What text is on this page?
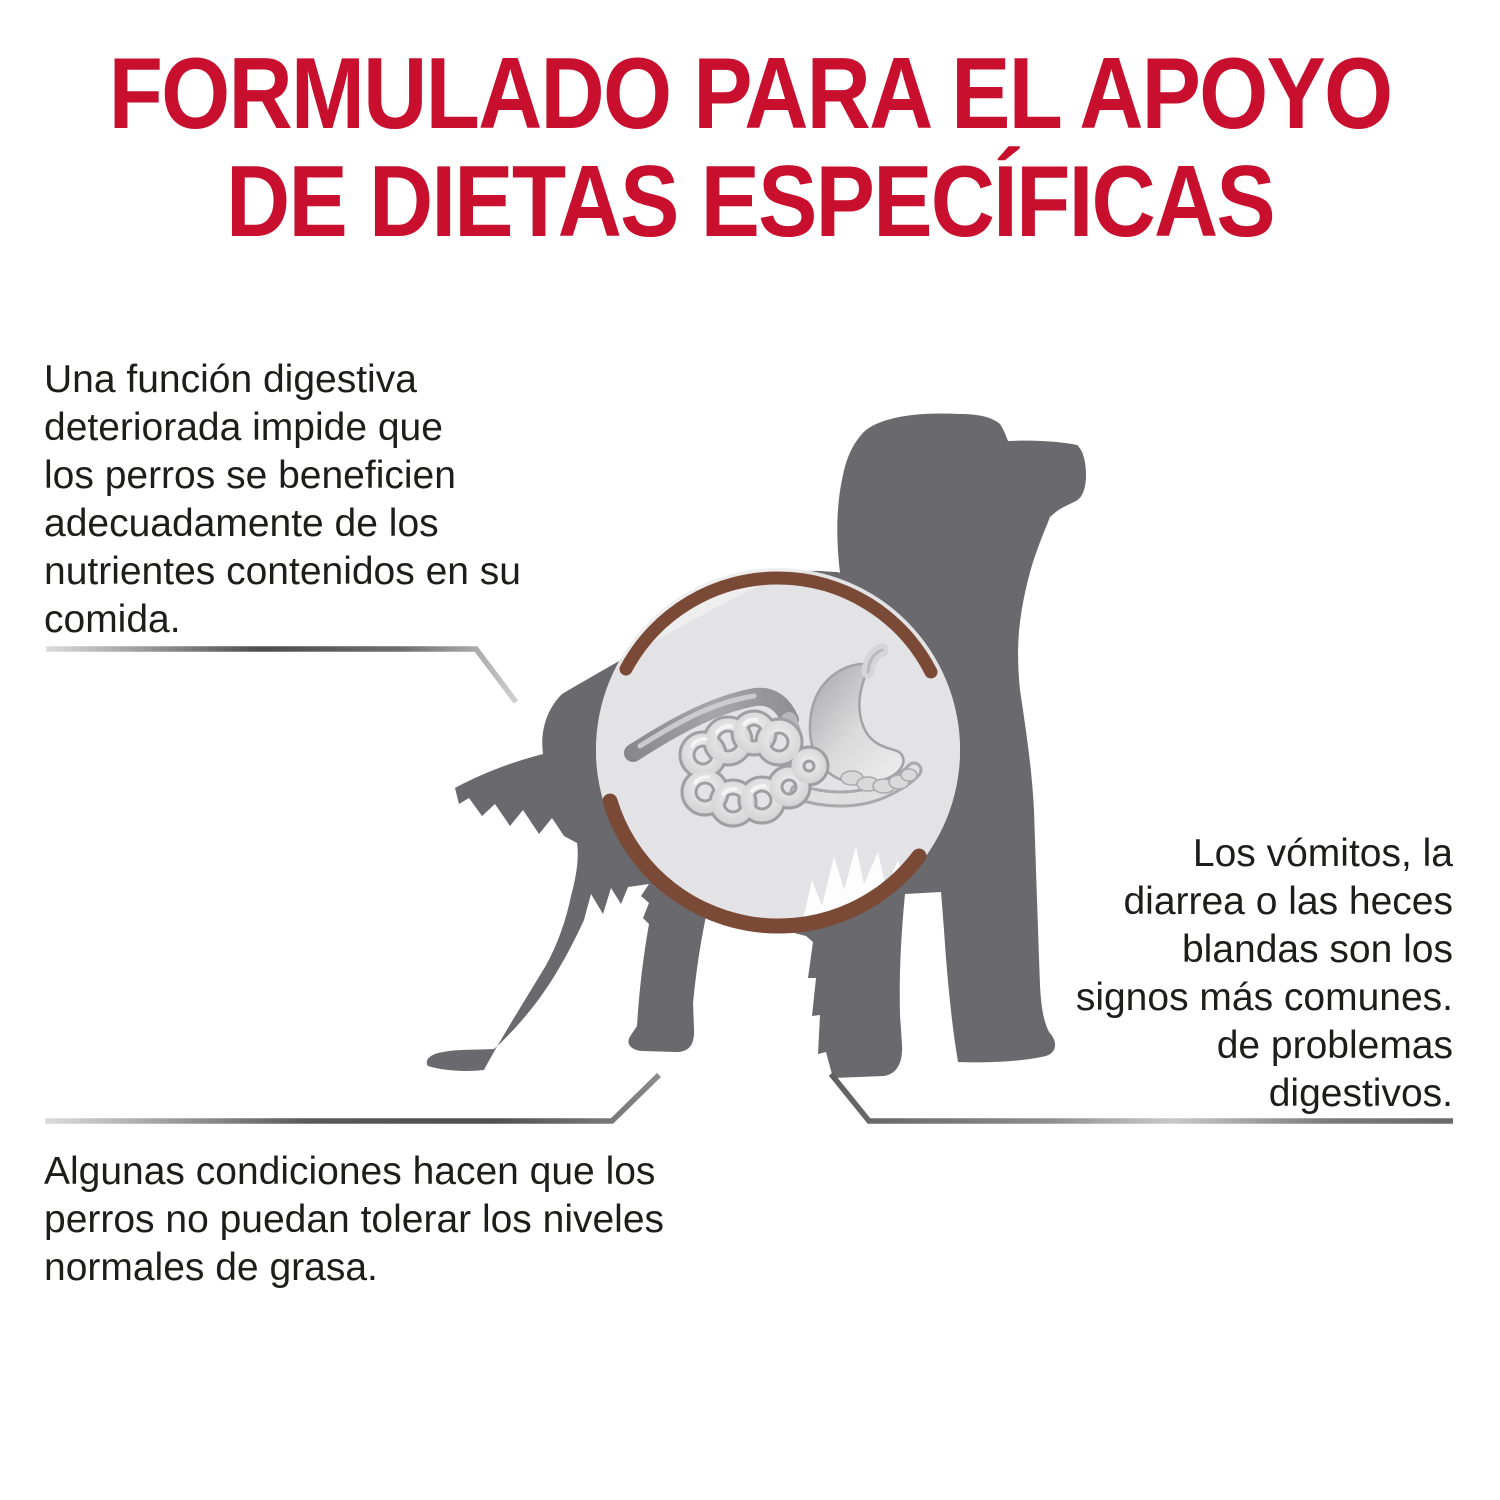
FORMULADO PARA EL APOYO
DE DIETAS ESPECÍFICAS
Una función digestiva
deteriorada impide que
los perros se beneficien
adecuadamente de los
nutrientes contenidos en su
comida.
Los vómitos, la
diarrea o las heces
blandas son los
signos más comunes.
de problemas
digestivos.
Algunas condiciones hacen que los
perros no puedan tolerar los niveles
normales de grasa.
